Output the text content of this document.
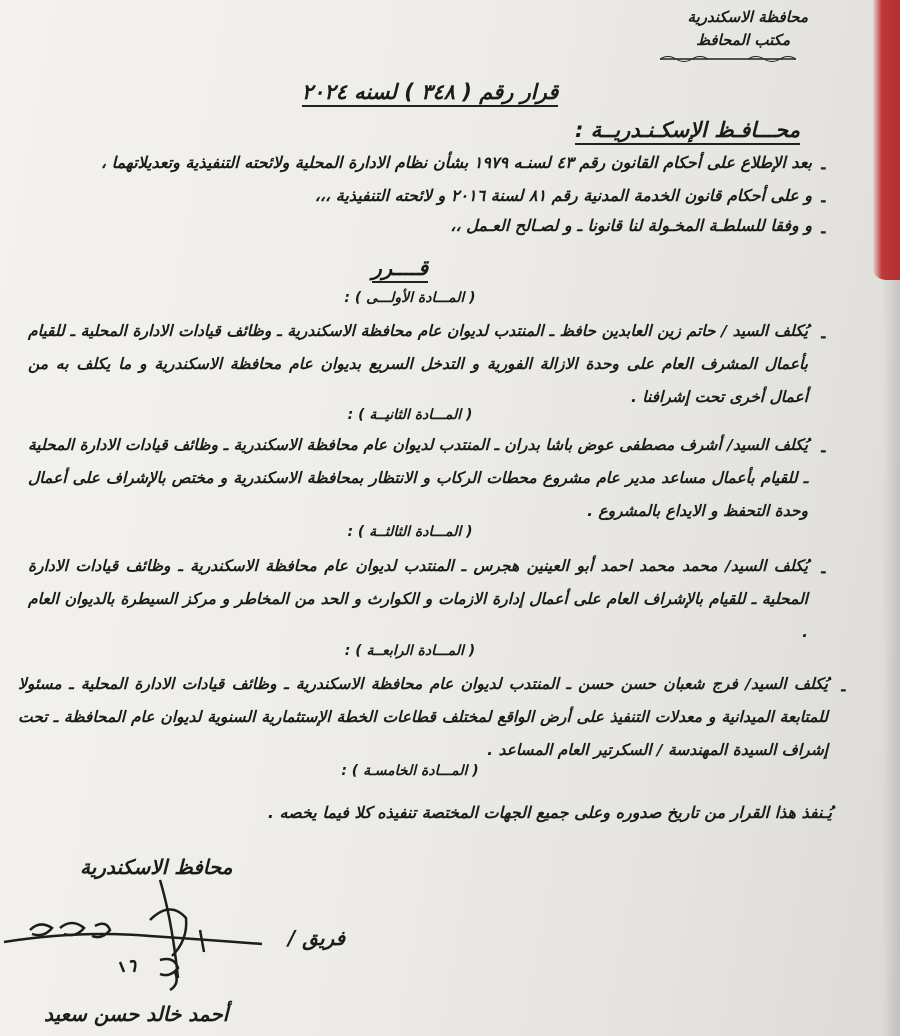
محافظة الاسكندرية
مكتب المحافظ
قرار رقم ( ٣٤٨ ) لسنه ٢٠٢٤
محـــافـظ الإسكـنـدريــة :
-
بعد الإطلاع على أحكام القانون رقم ٤٣ لسنـه ١٩٧٩ بشأن نظام الادارة المحلية ولائحته التنفيذية وتعديلاتهما ،
-
و على أحكام قانون الخدمة المدنية رقم ٨١ لسنة ٢٠١٦ و لائحته التنفيذية ،،،
-
و وفقا للسلطـة المخـولة لنا قانونا ـ و لصـالح العـمل ،،
قــــرر
( المـــادة الأولـــى ) :
-
يُكلف السيد / حاتم زين العابدين حافظ ـ المنتدب لديوان عام محافظة الاسكندرية ـ وظائف قيادات الادارة المحلية ـ للقيام بأعمال المشرف العام على وحدة الازالة الفورية و التدخل السريع بديوان عام محافظة الاسكندرية و ما يكلف به من أعمال أخرى تحت إشرافنا .
( المـــادة الثانيــة ) :
-
يُكلف السيد/ أشرف مصطفى عوض باشا بدران ـ المنتدب لديوان عام محافظة الاسكندرية ـ وظائف قيادات الادارة المحلية ـ للقيام بأعمال مساعد مدير عام مشروع محطات الركاب و الانتظار بمحافظة الاسكندرية و مختص بالإشراف على أعمال وحدة التحفظ و الايداع بالمشروع .
( المـــادة الثالثــة ) :
-
يُكلف السيد/ محمد محمد احمد أبو العينين هجرس ـ المنتدب لديوان عام محافظة الاسكندرية ـ وظائف قيادات الادارة المحلية ـ للقيام بالإشراف العام على أعمال إدارة الازمات و الكوارث و الحد من المخاطر و مركز السيطرة بالديوان العام .
( المـــادة الرابعــة ) :
-
يُكلف السيد/ فرج شعبان حسن حسن ـ المنتدب لديوان عام محافظة الاسكندرية ـ وظائف قيادات الادارة المحلية ـ مسئولا للمتابعة الميدانية و معدلات التنفيذ على أرض الواقع لمختلف قطاعات الخطة الإستثمارية السنوية لديوان عام المحافظة ـ تحت إشراف السيدة المهندسة / السكرتير العام المساعد .
( المـــادة الخامسـة ) :
يُـنفذ هذا القرار من تاريخ صدوره وعلى جميع الجهات المختصة تنفيذه كلا فيما يخصه .
محافظ الاسكندرية
فريق /
أحمد خالد حسن سعيد
